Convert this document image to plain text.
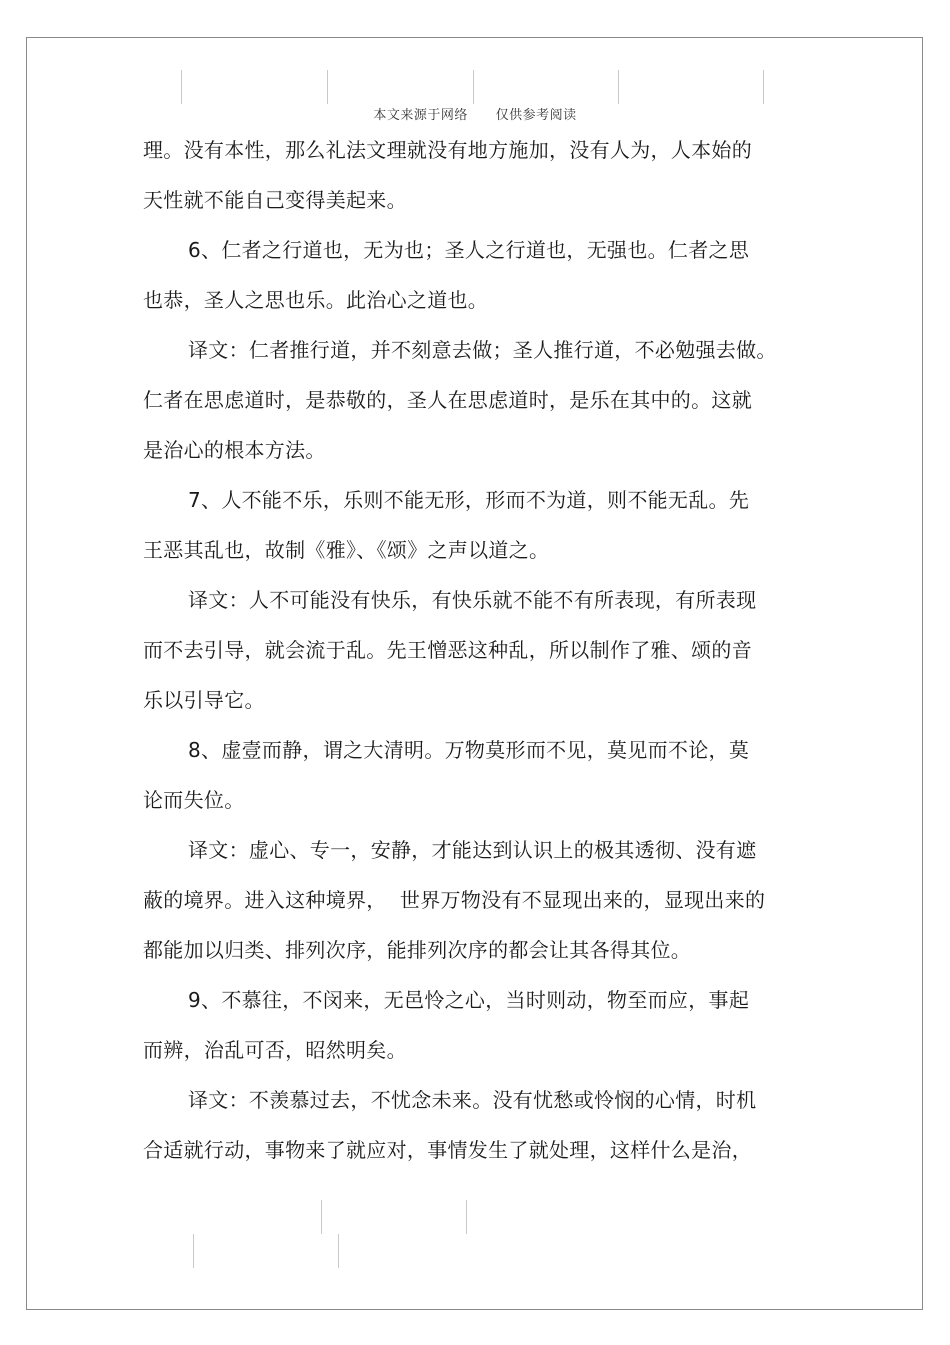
本文来源于网络      仅供参考阅读
理。没有本性，那么礼法文理就没有地方施加，没有人为，人本始的
天性就不能自己变得美起来。
6、仁者之行道也，无为也；圣人之行道也，无强也。仁者之思
也恭，圣人之思也乐。此治心之道也。
译文：仁者推行道，并不刻意去做；圣人推行道，不必勉强去做。
仁者在思虑道时，是恭敬的，圣人在思虑道时，是乐在其中的。这就
是治心的根本方法。
7、人不能不乐，乐则不能无形，形而不为道，则不能无乱。先
王恶其乱也，故制《雅》、《颂》之声以道之。
译文：人不可能没有快乐，有快乐就不能不有所表现，有所表现
而不去引导，就会流于乱。先王憎恶这种乱，所以制作了雅、颂的音
乐以引导它。
8、虚壹而静，谓之大清明。万物莫形而不见，莫见而不论，莫
论而失位。
译文：虚心、专一，安静，才能达到认识上的极其透彻、没有遮
蔽的境界。进入这种境界，  世界万物没有不显现出来的，显现出来的
都能加以归类、排列次序，能排列次序的都会让其各得其位。
9、不慕往，不闵来，无邑怜之心，当时则动，物至而应，事起
而辨，治乱可否，昭然明矣。
译文：不羡慕过去，不忧念未来。没有忧愁或怜悯的心情，时机
合适就行动，事物来了就应对，事情发生了就处理，这样什么是治，
